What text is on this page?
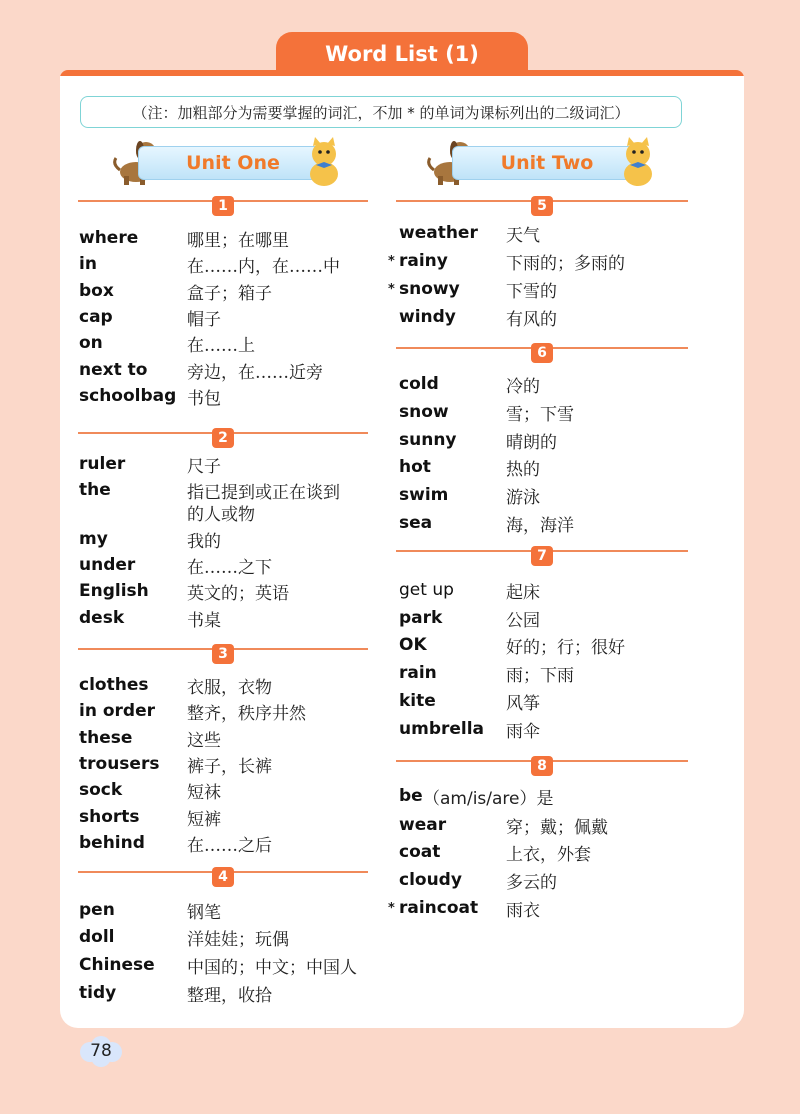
Word List (1)
（注：加粗部分为需要掌握的词汇，不加 * 的单词为课标列出的二级词汇）
Unit One	Unit Two
1
where	哪里；在哪里
in	在……内，在……中
box	盒子；箱子
cap	帽子
on	在……上
next to 旁边，在……近旁
schoolbag 书包
2
ruler	尺子
the	指已提到或正在谈到
的人或物
my	我的
under	在……之下
English 英文的；英语
desk	书桌
3
clothes 衣服，衣物
in order 整齐，秩序井然
these	这些
trousers 裤子，长裤
sock	短袜
shorts	短裤
behind 在……之后
4
pen	钢笔
doll	洋娃娃；玩偶
Chinese 中国的；中文；中国人
tidy	整理，收拾
5
weather 天气
* rainy	下雨的；多雨的
* snowy	下雪的
windy	有风的
6
cold	冷的
snow	雪；下雪
sunny	晴朗的
hot	热的
swim	游泳
sea	海，海洋
7
get up	起床
park	公园
OK	好的；行；很好
rain	雨；下雨
kite	风筝
umbrella 雨伞
8
be （am/is/are）是
wear	穿；戴；佩戴
coat	上衣，外套
cloudy	多云的
* raincoat 雨衣
78
